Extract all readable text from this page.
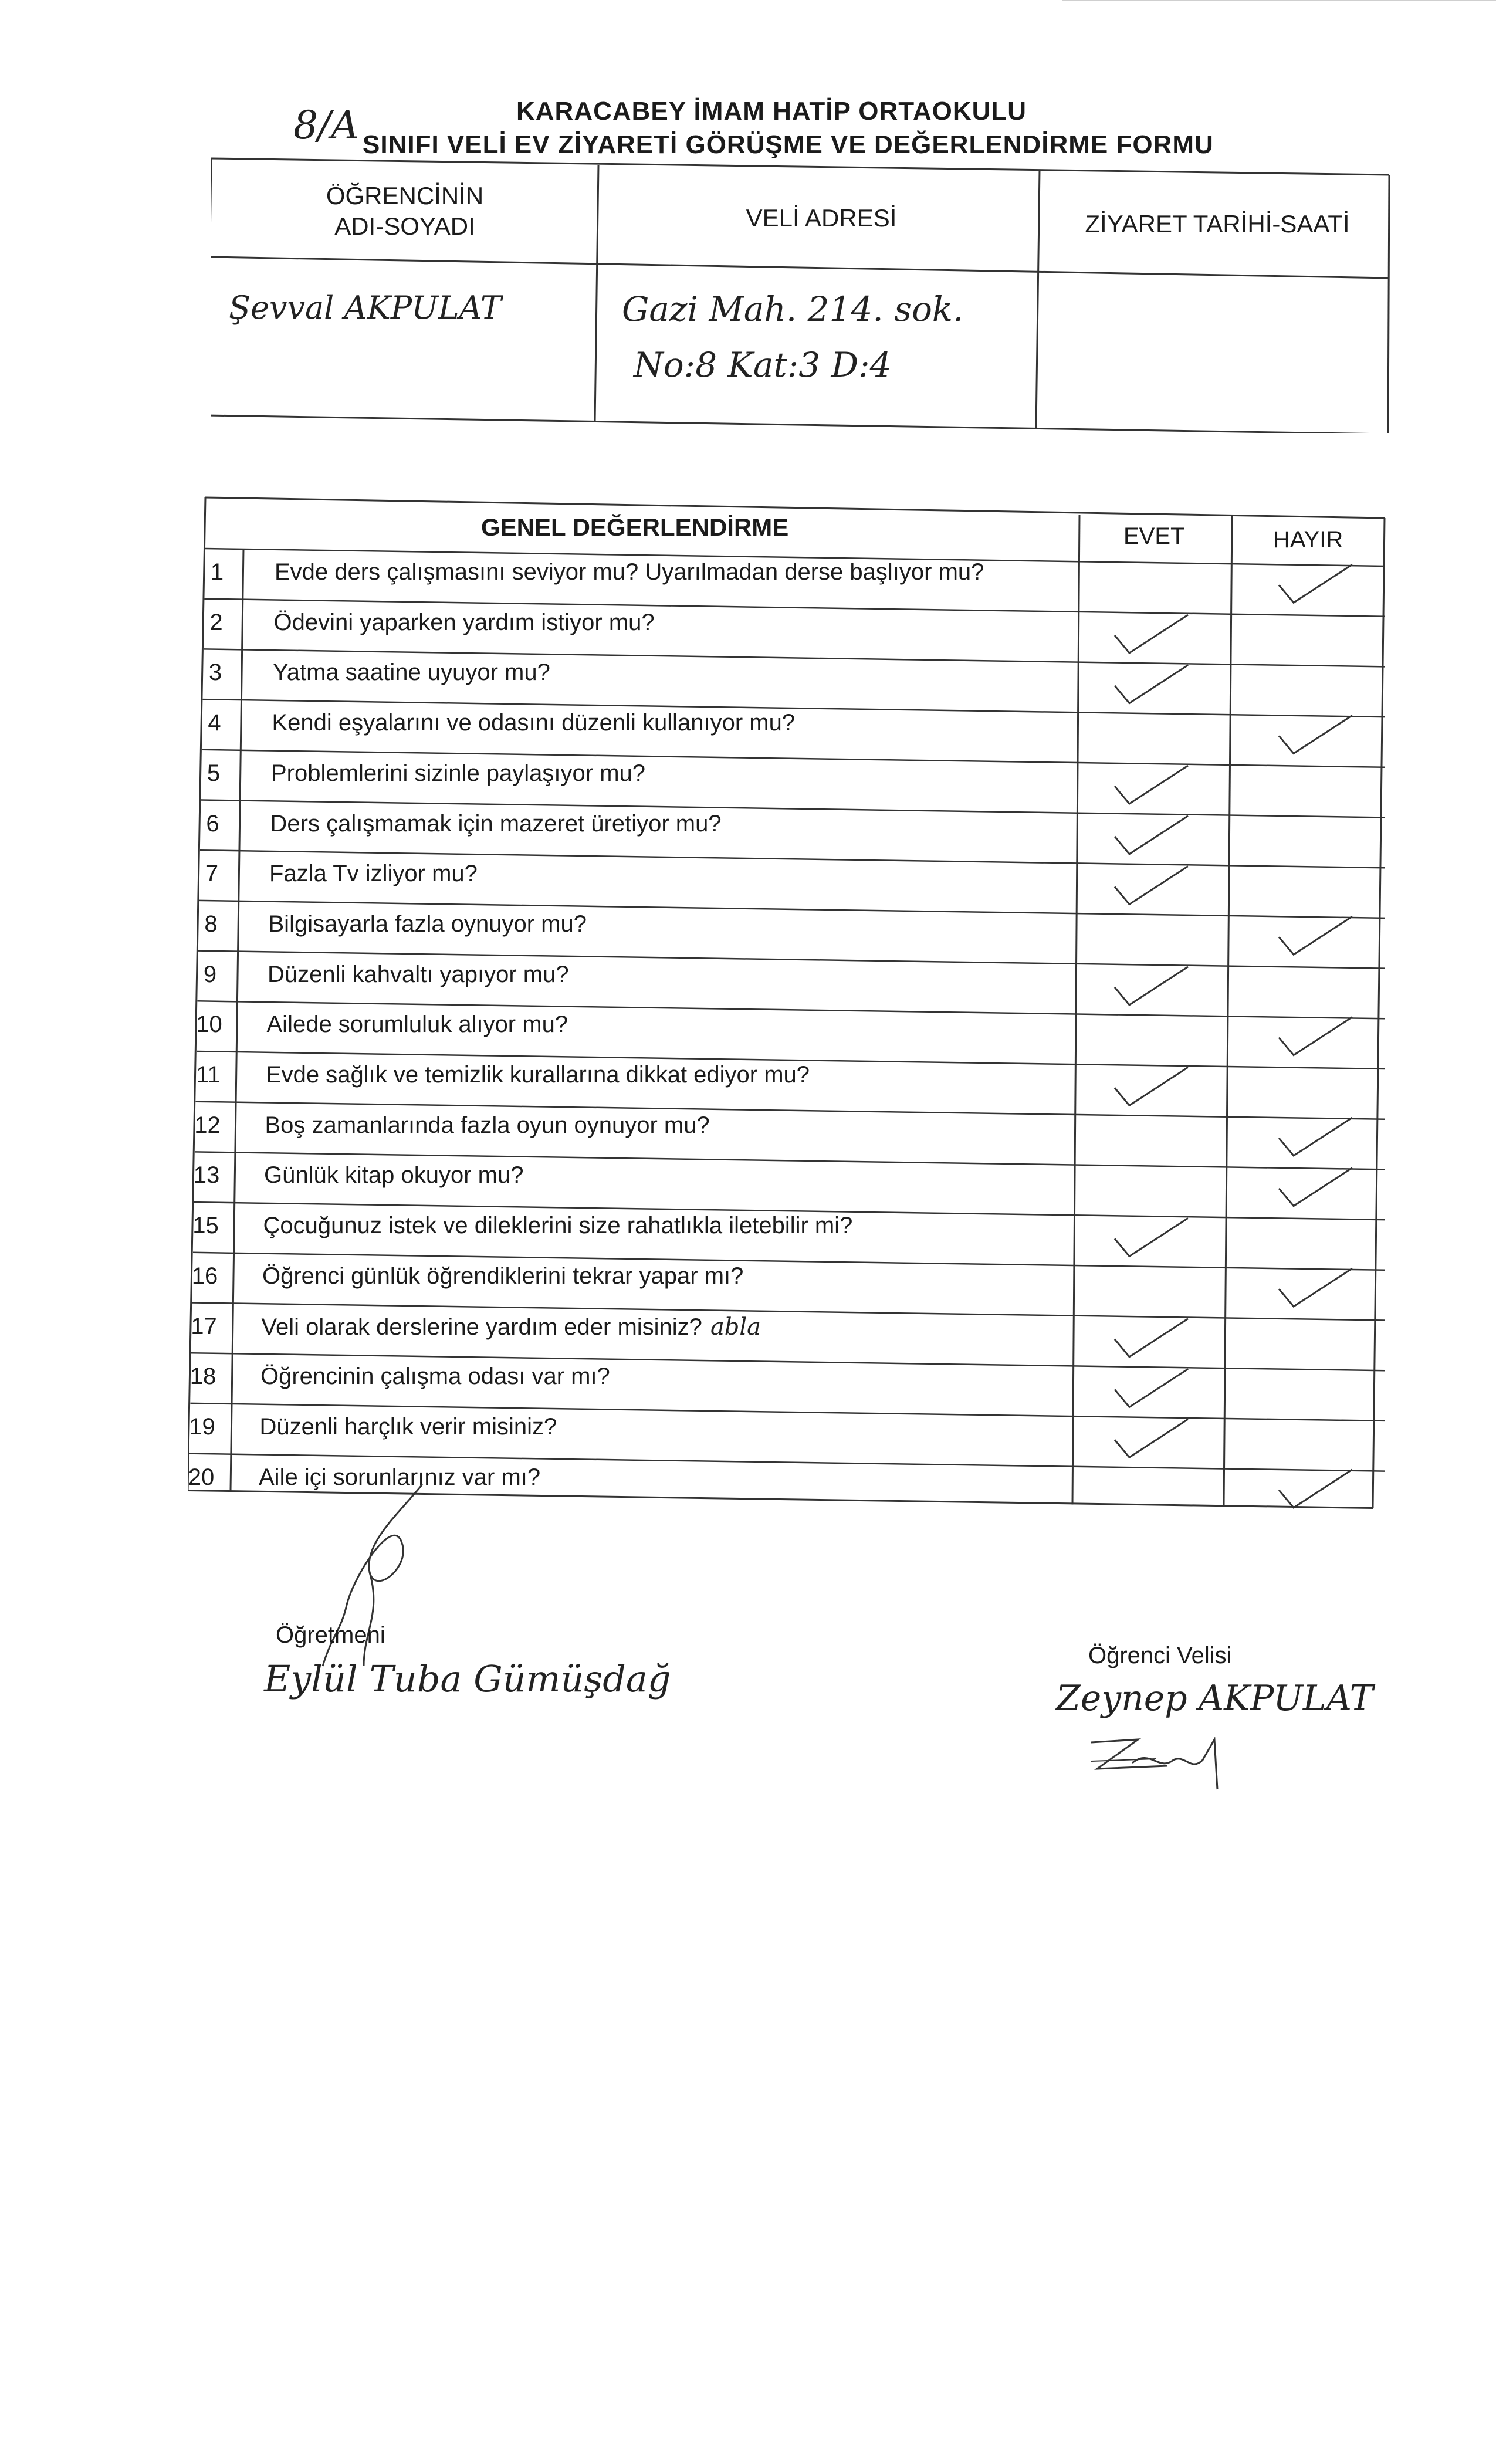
8/A	KARACABEY İMAM HATİP ORTAOKULU
SINIFI VELİ EV ZİYARETİ GÖRÜŞME VE DEĞERLENDİRME FORMU
ÖĞRENCİNİN
ADI-SOYADI	VELİ ADRESİ	ZİYARET TARİHİ-SAATİ
Şevval AKPULAT	Gazi Mah. 214. sok.
No:8 Kat:3 D:4
GENEL DEĞERLENDİRME	EVET	HAYIR
1	Evde ders çalışmasını seviyor mu? Uyarılmadan derse başlıyor mu?
2	Ödevini yaparken yardım istiyor mu?
3	Yatma saatine uyuyor mu?
4	Kendi eşyalarını ve odasını düzenli kullanıyor mu?
5	Problemlerini sizinle paylaşıyor mu?
6	Ders çalışmamak için mazeret üretiyor mu?
7	Fazla Tv izliyor mu?
8	Bilgisayarla fazla oynuyor mu?
9	Düzenli kahvaltı yapıyor mu?
10	Ailede sorumluluk alıyor mu?
11	Evde sağlık ve temizlik kurallarına dikkat ediyor mu?
12	Boş zamanlarında fazla oyun oynuyor mu?
13	Günlük kitap okuyor mu?
15	Çocuğunuz istek ve dileklerini size rahatlıkla iletebilir mi?
16	Öğrenci günlük öğrendiklerini tekrar yapar mı?
17	Veli olarak derslerine yardım eder misiniz? abla
18	Öğrencinin çalışma odası var mı?
19	Düzenli harçlık verir misiniz?
20	Aile içi sorunlarınız var mı?
Öğretmeni
Eylül Tuba Gümüşdağ
Öğrenci Velisi
Zeynep AKPULAT
